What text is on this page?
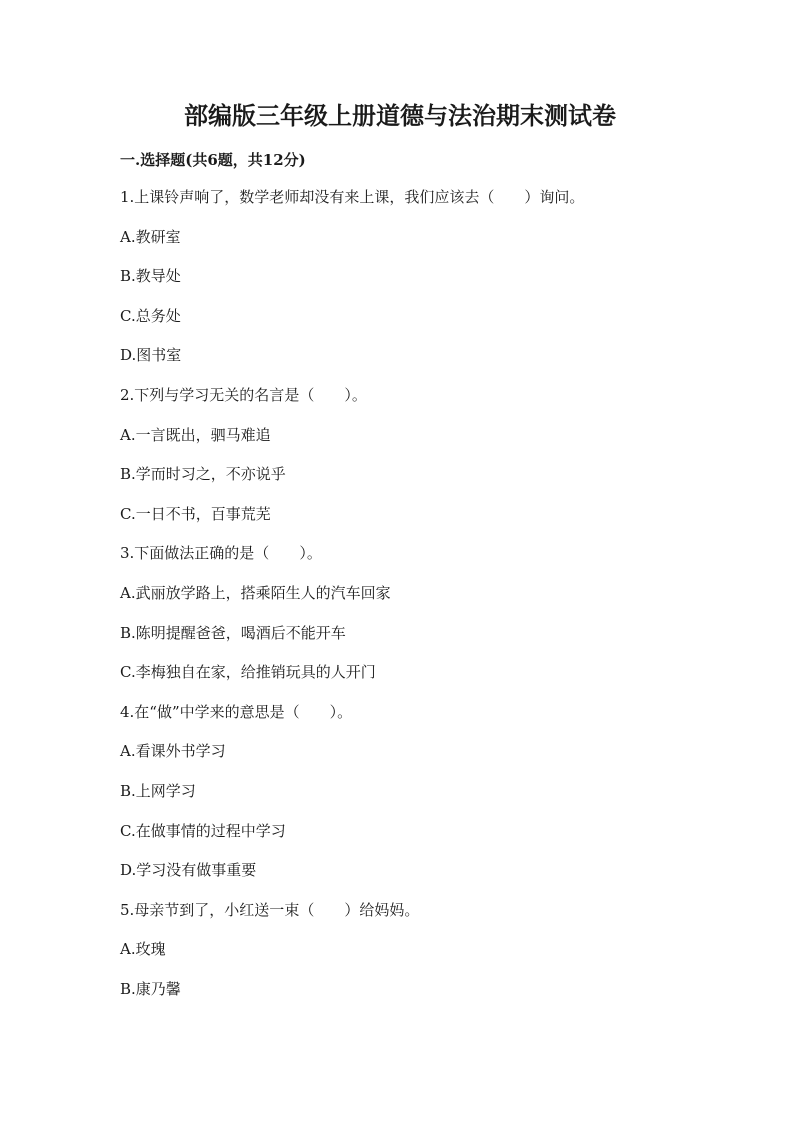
部编版三年级上册道德与法治期末测试卷
一.选择题(共6题，共12分)
1.上课铃声响了，数学老师却没有来上课，我们应该去（　　）询问。
A.教研室
B.教导处
C.总务处
D.图书室
2.下列与学习无关的名言是（　　）。
A.一言既出，驷马难追
B.学而时习之，不亦说乎
C.一日不书，百事荒芜
3.下面做法正确的是（　　）。
A.武丽放学路上，搭乘陌生人的汽车回家
B.陈明提醒爸爸，喝酒后不能开车
C.李梅独自在家，给推销玩具的人开门
4.在“做”中学来的意思是（　　）。
A.看课外书学习
B.上网学习
C.在做事情的过程中学习
D.学习没有做事重要
5.母亲节到了，小红送一束（　　）给妈妈。
A.玫瑰
B.康乃馨
